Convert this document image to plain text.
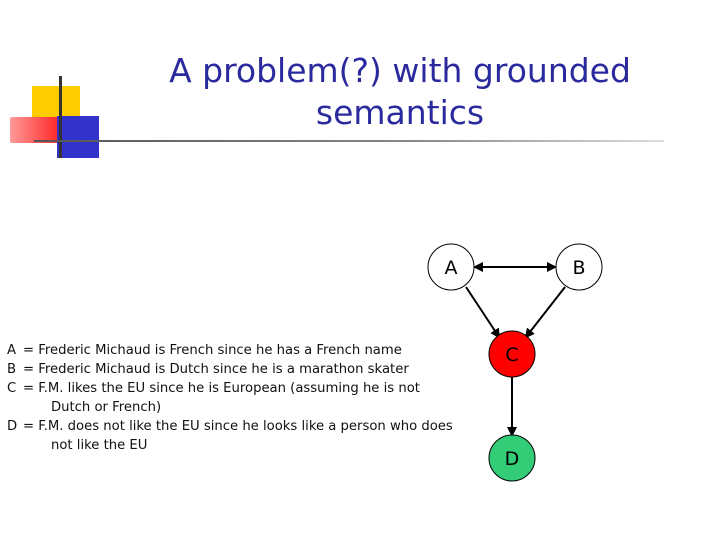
A problem(?) with grounded
semantics
A = Frederic Michaud is French since he has a French name
B = Frederic Michaud is Dutch since he is a marathon skater
C = F.M. likes the EU since he is European (assuming he is not Dutch or French)
D = F.M. does not like the EU since he looks like a person who does not like the EU
A	B
C
D
